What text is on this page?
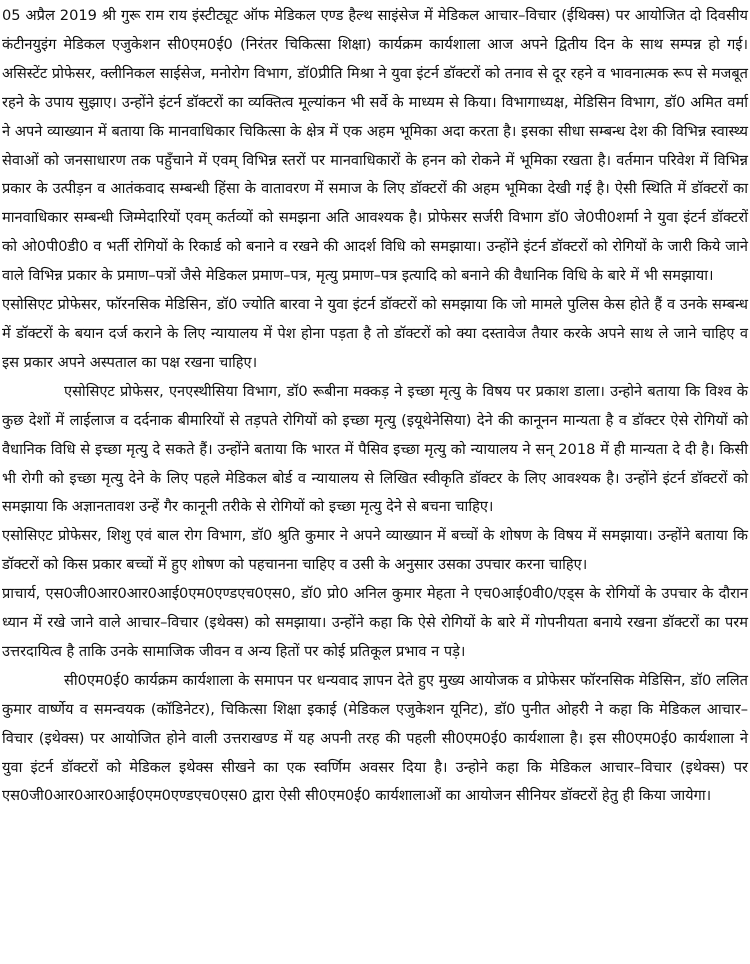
05 अप्रैल 2019 श्री गुरू राम राय इंस्टीट्यूट ऑफ मेडिकल एण्ड हैल्थ साइंसेज में मेडिकल आचार–विचार (ईथिक्स) पर आयोजित दो दिवसीय कंटीनयुइंग मेडिकल एजुकेशन सी0एम0ई0 (निरंतर चिकित्सा शिक्षा) कार्यक्रम कार्यशाला आज अपने द्वितीय दिन के साथ सम्पन्न हो गई। असिस्टेंट प्रोफेसर, क्लीनिकल साईसेज, मनोरोग विभाग, डॉ0प्रीति मिश्रा ने युवा इंटर्न डॉक्टरों को तनाव से दूर रहने व भावनात्मक रूप से मजबूत रहने के उपाय सुझाए। उन्होंने इंटर्न डॉक्टरों का व्यक्तित्व मूल्यांकन भी सर्वे के माध्यम से किया। विभागाध्यक्ष, मेडिसिन विभाग, डॉ0 अमित वर्मा ने अपने व्याख्यान में बताया कि मानवाधिकार चिकित्सा के क्षेत्र में एक अहम भूमिका अदा करता है। इसका सीधा सम्बन्ध देश की विभिन्न स्वास्थ्य सेवाओं को जनसाधारण तक पहुँचाने में एवम् विभिन्न स्तरों पर मानवाधिकारों के हनन को रोकने में भूमिका रखता है। वर्तमान परिवेश में विभिन्न प्रकार के उत्पीड़न व आतंकवाद सम्बन्धी हिंसा के वातावरण में समाज के लिए डॉक्टरों की अहम भूमिका देखी गई है। ऐसी स्थिति में डॉक्टरों का मानवाधिकार सम्बन्धी जिम्मेदारियों एवम् कर्तव्यों को समझना अति आवश्यक है। प्रोफेसर सर्जरी विभाग डॉ0 जे0पी0शर्मा ने युवा इंटर्न डॉक्टरों को ओ0पी0डी0 व भर्ती रोगियों के रिकार्ड को बनाने व रखने की आदर्श विधि को समझाया। उन्होंने इंटर्न डॉक्टरों को रोगियों के जारी किये जाने वाले विभिन्न प्रकार के प्रमाण–पत्रों जैसे मेडिकल प्रमाण–पत्र, मृत्यु प्रमाण–पत्र इत्यादि को बनाने की वैधानिक विधि के बारे में भी समझाया।

एसोसिएट प्रोफेसर, फॉरनसिक मेडिसिन, डॉ0 ज्योति बारवा ने युवा इंटर्न डॉक्टरों को समझाया कि जो मामले पुलिस केस होते हैं व उनके सम्बन्ध में डॉक्टरों के बयान दर्ज कराने के लिए न्यायालय में पेश होना पड़ता है तो डॉक्टरों को क्या दस्तावेज तैयार करके अपने साथ ले जाने चाहिए व इस प्रकार अपने अस्पताल का पक्ष रखना चाहिए।

एसोसिएट प्रोफेसर, एनएस्थीसिया विभाग, डॉ0 रूबीना मक्कड़ ने इच्छा मृत्यु के विषय पर प्रकाश डाला। उन्होने बताया कि विश्व के कुछ देशों में लाईलाज व दर्दनाक बीमारियों से तड़पते रोगियों को इच्छा मृत्यु (इयूथेनेसिया) देने की कानूनन मान्यता है व डॉक्टर ऐसे रोगियों को वैधानिक विधि से इच्छा मृत्यु दे सकते हैं। उन्होंने बताया कि भारत में पैसिव इच्छा मृत्यु को न्यायालय ने सन् 2018 में ही मान्यता दे दी है। किसी भी रोगी को इच्छा मृत्यु देने के लिए पहले मेडिकल बोर्ड व न्यायालय से लिखित स्वीकृति डॉक्टर के लिए आवश्यक है। उन्होंने इंटर्न डॉक्टरों को समझाया कि अज्ञानतावश उन्हें गैर कानूनी तरीके से रोगियों को इच्छा मृत्यु देने से बचना चाहिए।

एसोसिएट प्रोफेसर, शिशु एवं बाल रोग विभाग, डॉ0 श्रुति कुमार ने अपने व्याख्यान में बच्चों के शोषण के विषय में समझाया। उन्होंने बताया कि डॉक्टरों को किस प्रकार बच्चों में हुए शोषण को पहचानना चाहिए व उसी के अनुसार उसका उपचार करना चाहिए।

प्राचार्य, एस0जी0आर0आर0आई0एम0एण्डएच0एस0, डॉ0 प्रो0 अनिल कुमार मेहता ने एच0आई0वी0/एड्स के रोगियों के उपचार के दौरान ध्यान में रखे जाने वाले आचार–विचार (इथेक्स) को समझाया। उन्होंने कहा कि ऐसे रोगियों के बारे में गोपनीयता बनाये रखना डॉक्टरों का परम उत्तरदायित्व है ताकि उनके सामाजिक जीवन व अन्य हितों पर कोई प्रतिकूल प्रभाव न पड़े।

सी0एम0ई0 कार्यक्रम कार्यशाला के समापन पर धन्यवाद ज्ञापन देते हुए मुख्य आयोजक व प्रोफेसर फॉरनसिक मेडिसिन, डॉ0 ललित कुमार वार्ष्णेय व समन्वयक (कॉडिनेटर), चिकित्सा शिक्षा इकाई (मेडिकल एजुकेशन यूनिट), डॉ0 पुनीत ओहरी ने कहा कि मेडिकल आचार–विचार (इथेक्स) पर आयोजित होने वाली उत्तराखण्ड में यह अपनी तरह की पहली सी0एम0ई0 कार्यशाला है। इस सी0एम0ई0 कार्यशाला ने युवा इंटर्न डॉक्टरों को मेडिकल इथेक्स सीखने का एक स्वर्णिम अवसर दिया है। उन्होने कहा कि मेडिकल आचार–विचार (इथेक्स) पर एस0जी0आर0आर0आई0एम0एण्डएच0एस0 द्वारा ऐसी सी0एम0ई0 कार्यशालाओं का आयोजन सीनियर डॉक्टरों हेतु ही किया जायेगा।
